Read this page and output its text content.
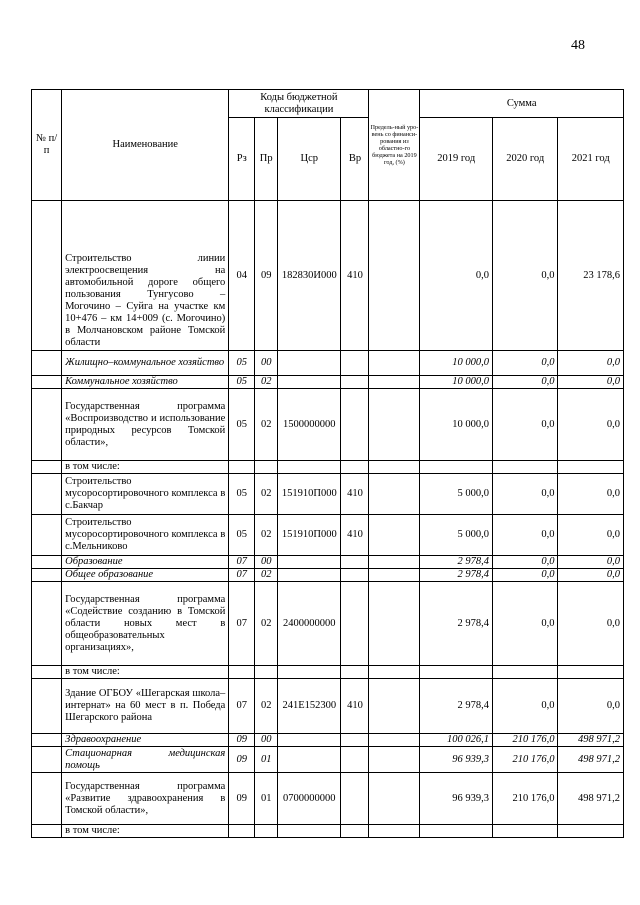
48
№ п/п	Наименование	Коды бюджетной классификации				Предель-ный уро-вень со финанси-рования из областно-го бюджета на 2019 год, (%)	Сумма		
		Рз	Пр	Цср	Вр		2019 год	2020 год	2021 год
	Строительство линии электроосвещения на автомобильной дороге общего пользования Тунгусово – Могочино – Суйга на участке км 10+476 – км 14+009 (с. Могочино) в Молчановском районе Томской области	04	09	182830И000	410		0,0	0,0	23 178,6
	Жилищно–коммунальное хозяйство	05	00				10 000,0	0,0	0,0
	Коммунальное хозяйство	05	02				10 000,0	0,0	0,0
	Государственная программа «Воспроизводство и использование природных ресурсов Томской области»,	05	02	1500000000			10 000,0	0,0	0,0
	в том числе:								
	Строительство мусоросортировочного комплекса в с.Бакчар	05	02	151910П000	410		5 000,0	0,0	0,0
	Строительство мусоросортировочного комплекса в с.Мельниково	05	02	151910П000	410		5 000,0	0,0	0,0
	Образование	07	00				2 978,4	0,0	0,0
	Общее образование	07	02				2 978,4	0,0	0,0
	Государственная программа «Содействие созданию в Томской области новых мест в общеобразовательных организациях»,	07	02	2400000000			2 978,4	0,0	0,0
	в том числе:								
	Здание ОГБОУ «Шегарская школа–интернат» на 60 мест в п. Победа Шегарского района	07	02	241E152300	410		2 978,4	0,0	0,0
	Здравоохранение	09	00				100 026,1	210 176,0	498 971,2
	Стационарная медицинская помощь	09	01				96 939,3	210 176,0	498 971,2
	Государственная программа «Развитие здравоохранения в Томской области»,	09	01	0700000000			96 939,3	210 176,0	498 971,2
	в том числе:								
